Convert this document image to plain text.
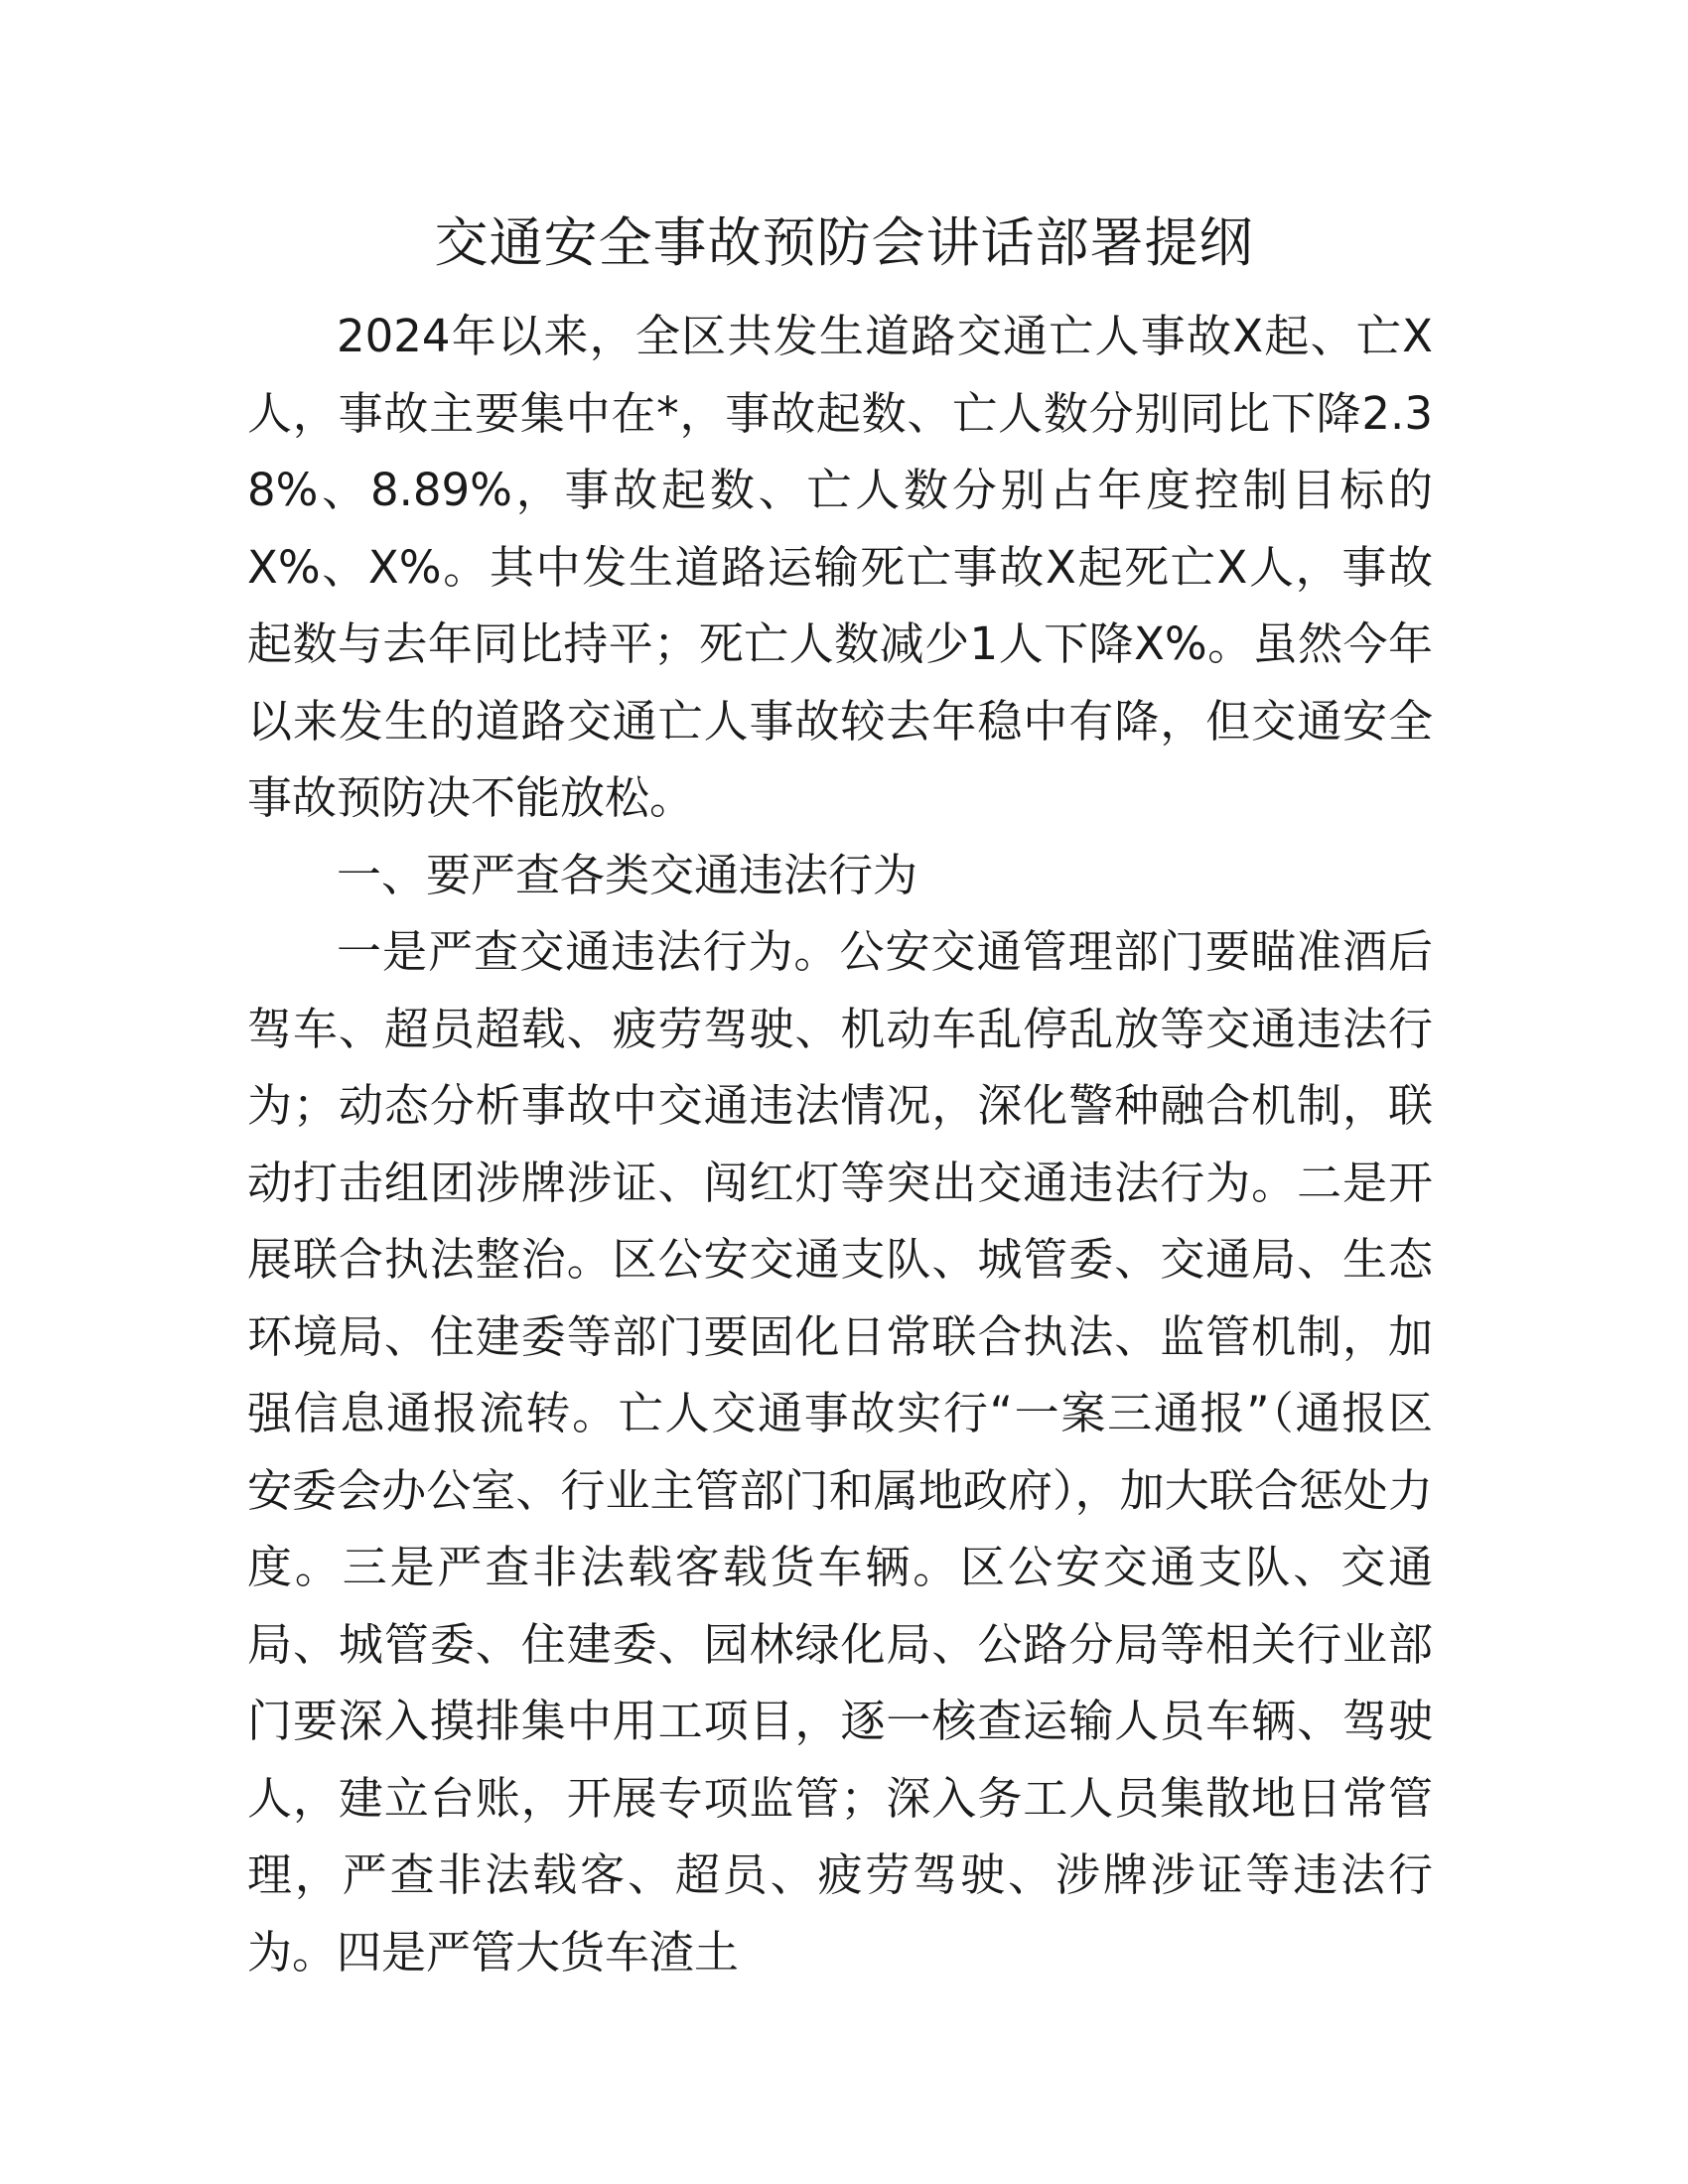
交通安全事故预防会讲话部署提纲

2024年以来，全区共发生道路交通亡人事故X起、亡X人，事故主要集中在*，事故起数、亡人数分别同比下降2.38%、8.89%，事故起数、亡人数分别占年度控制目标的X%、X%。其中发生道路运输死亡事故X起死亡X人，事故起数与去年同比持平；死亡人数减少1人下降X%。虽然今年以来发生的道路交通亡人事故较去年稳中有降，但交通安全事故预防决不能放松。

一、要严查各类交通违法行为

一是严查交通违法行为。公安交通管理部门要瞄准酒后驾车、超员超载、疲劳驾驶、机动车乱停乱放等交通违法行为；动态分析事故中交通违法情况，深化警种融合机制，联动打击组团涉牌涉证、闯红灯等突出交通违法行为。二是开展联合执法整治。区公安交通支队、城管委、交通局、生态环境局、住建委等部门要固化日常联合执法、监管机制，加强信息通报流转。亡人交通事故实行“一案三通报”（通报区安委会办公室、行业主管部门和属地政府），加大联合惩处力度。三是严查非法载客载货车辆。区公安交通支队、交通局、城管委、住建委、园林绿化局、公路分局等相关行业部门要深入摸排集中用工项目，逐一核查运输人员车辆、驾驶人，建立台账，开展专项监管；深入务工人员集散地日常管理，严查非法载客、超员、疲劳驾驶、涉牌涉证等违法行为。四是严管大货车渣土
